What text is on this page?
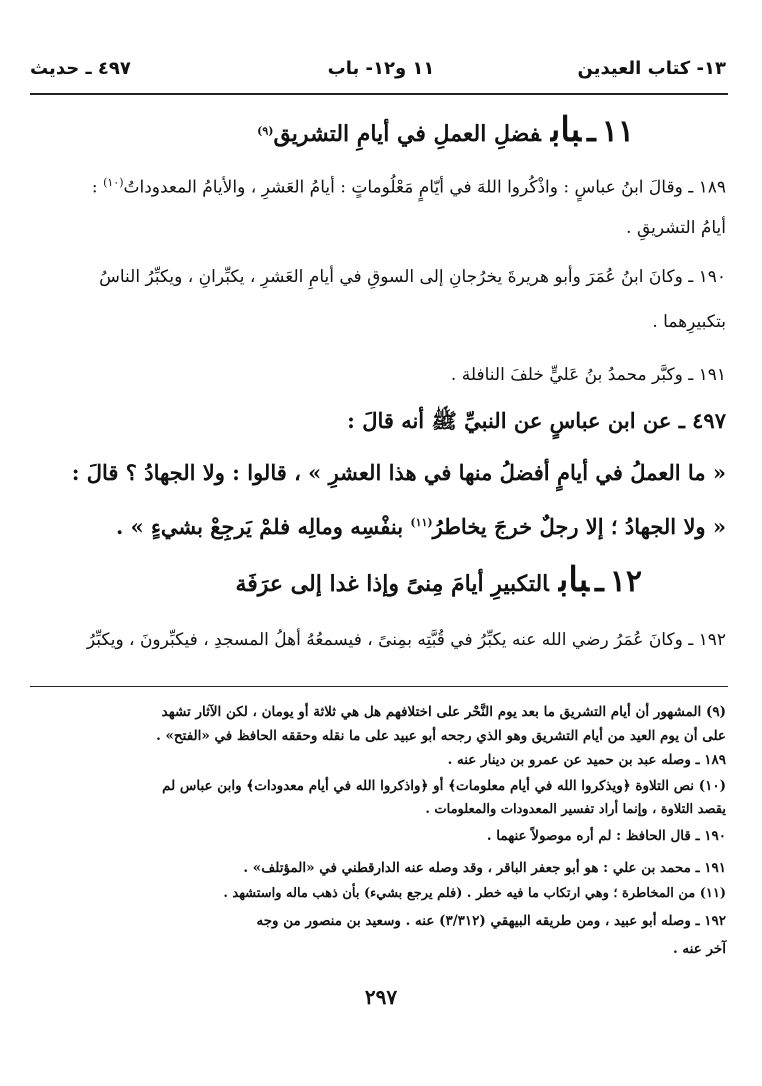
١٣- كتاب العيدين
١١ و١٢- باب
٤٩٧ ـ حديث
١١ـبابفضلِ العملِ في أيامِ التشريق$^{(٩)}$
١٨٩ ـ وقالَ ابنُ عباسٍ : واذْكُروا اللهَ في أيّامٍ مَعْلُوماتٍ : أيامُ العَشرِ ، والأيامُ المعدوداتُ$^{(١٠)}$ :
أيامُ التشريقِ .
١٩٠ ـ وكانَ ابنُ عُمَرَ وأبو هريرةَ يخرُجانِ إلى السوقِ في أيامِ العَشرِ ، يكبِّرانِ ، ويكبِّرُ الناسُ
بتكبيرِهما .
١٩١ ـ وكبَّر محمدُ بنُ عَليٍّ خلفَ النافلة .
٤٩٧ ـ عن ابن عباسٍ عن النبيِّ ﷺ أنه قالَ :
« ما العملُ في أيامٍ أفضلُ منها في هذا العشرِ » ، قالوا : ولا الجهادُ ؟ قالَ :
« ولا الجهادُ ؛ إلا رجلٌ خرجَ يخاطرُ$^{(١١)}$ بنفْسِه ومالِه فلمْ يَرجِعْ بشيءٍ » .
١٢ـبابالتكبيرِ أيامَ مِنىً وإذا غدا إلى عرَفَة
١٩٢ ـ وكانَ عُمَرُ رضي الله عنه يكبِّرُ في قُبَّتِه بمِنىً ، فيسمعُهُ أهلُ المسجدِ ، فيكبِّرونَ ، ويكبِّرُ
(٩) المشهور أن أيام التشريق ما بعد يوم النَّحْر على اختلافهم هل هي ثلاثة أو يومان ، لكن الآثار تشهد
على أن يوم العيد من أيام التشريق وهو الذي رجحه أبو عبيد على ما نقله وحققه الحافظ في «الفتح» .
١٨٩ ـ وصله عبد بن حميد عن عمرو بن دينار عنه .
(١٠) نص التلاوة ﴿ويذكروا الله في أيام معلومات﴾ أو ﴿واذكروا الله في أيام معدودات﴾ وابن عباس لم
يقصد التلاوة ، وإنما أراد تفسير المعدودات والمعلومات .
١٩٠ ـ قال الحافظ : لم أره موصولاً عنهما .
١٩١ ـ محمد بن علي : هو أبو جعفر الباقر ، وقد وصله عنه الدارقطني في «المؤتلف» .
(١١) من المخاطرة ؛ وهي ارتكاب ما فيه خطر . (فلم يرجع بشيء) بأن ذهب ماله واستشهد .
١٩٢ ـ وصله أبو عبيد ، ومن طريقه البيهقي (٣/٣١٢) عنه . وسعيد بن منصور من وجه
آخر عنه .
٢٩٧
